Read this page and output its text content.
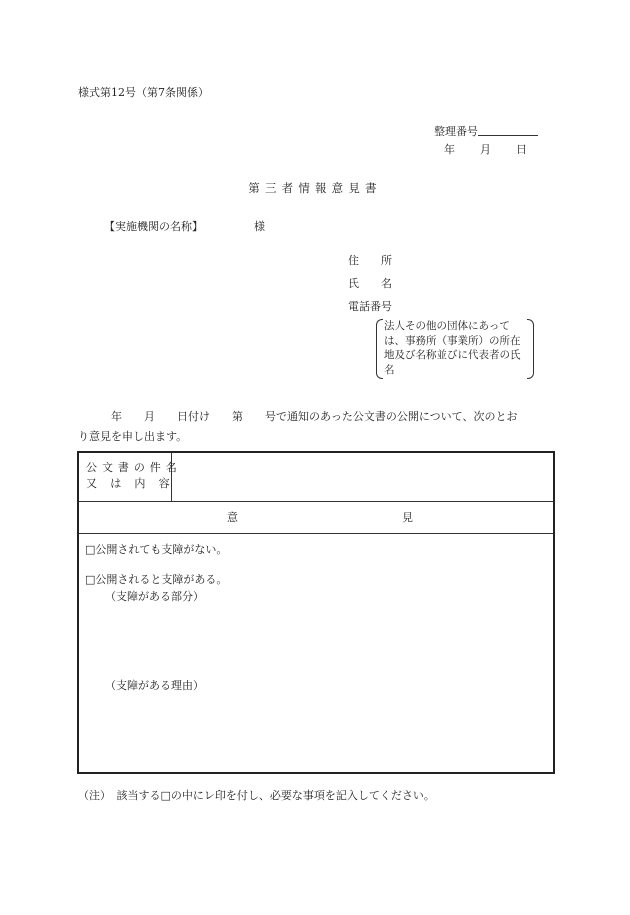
様式第12号（第7条関係）
整理番号
年 月 日
第三者情報意見書
【実施機関の名称】	様
住　　所
氏　　名
電話番号
法人その他の団体にあっては、事務所（事業所）の所在地及び名称並びに代表者の氏名
　　　年　　月　　日付け　　第　　号で通知のあった公文書の公開について、次のとお
り意見を申し出ます。
公文書の件名
又は内容
意	見
□公開されても支障がない。
□公開されると支障がある。
（支障がある部分）
（支障がある理由）
（注）　該当する□の中にレ印を付し、必要な事項を記入してください。
